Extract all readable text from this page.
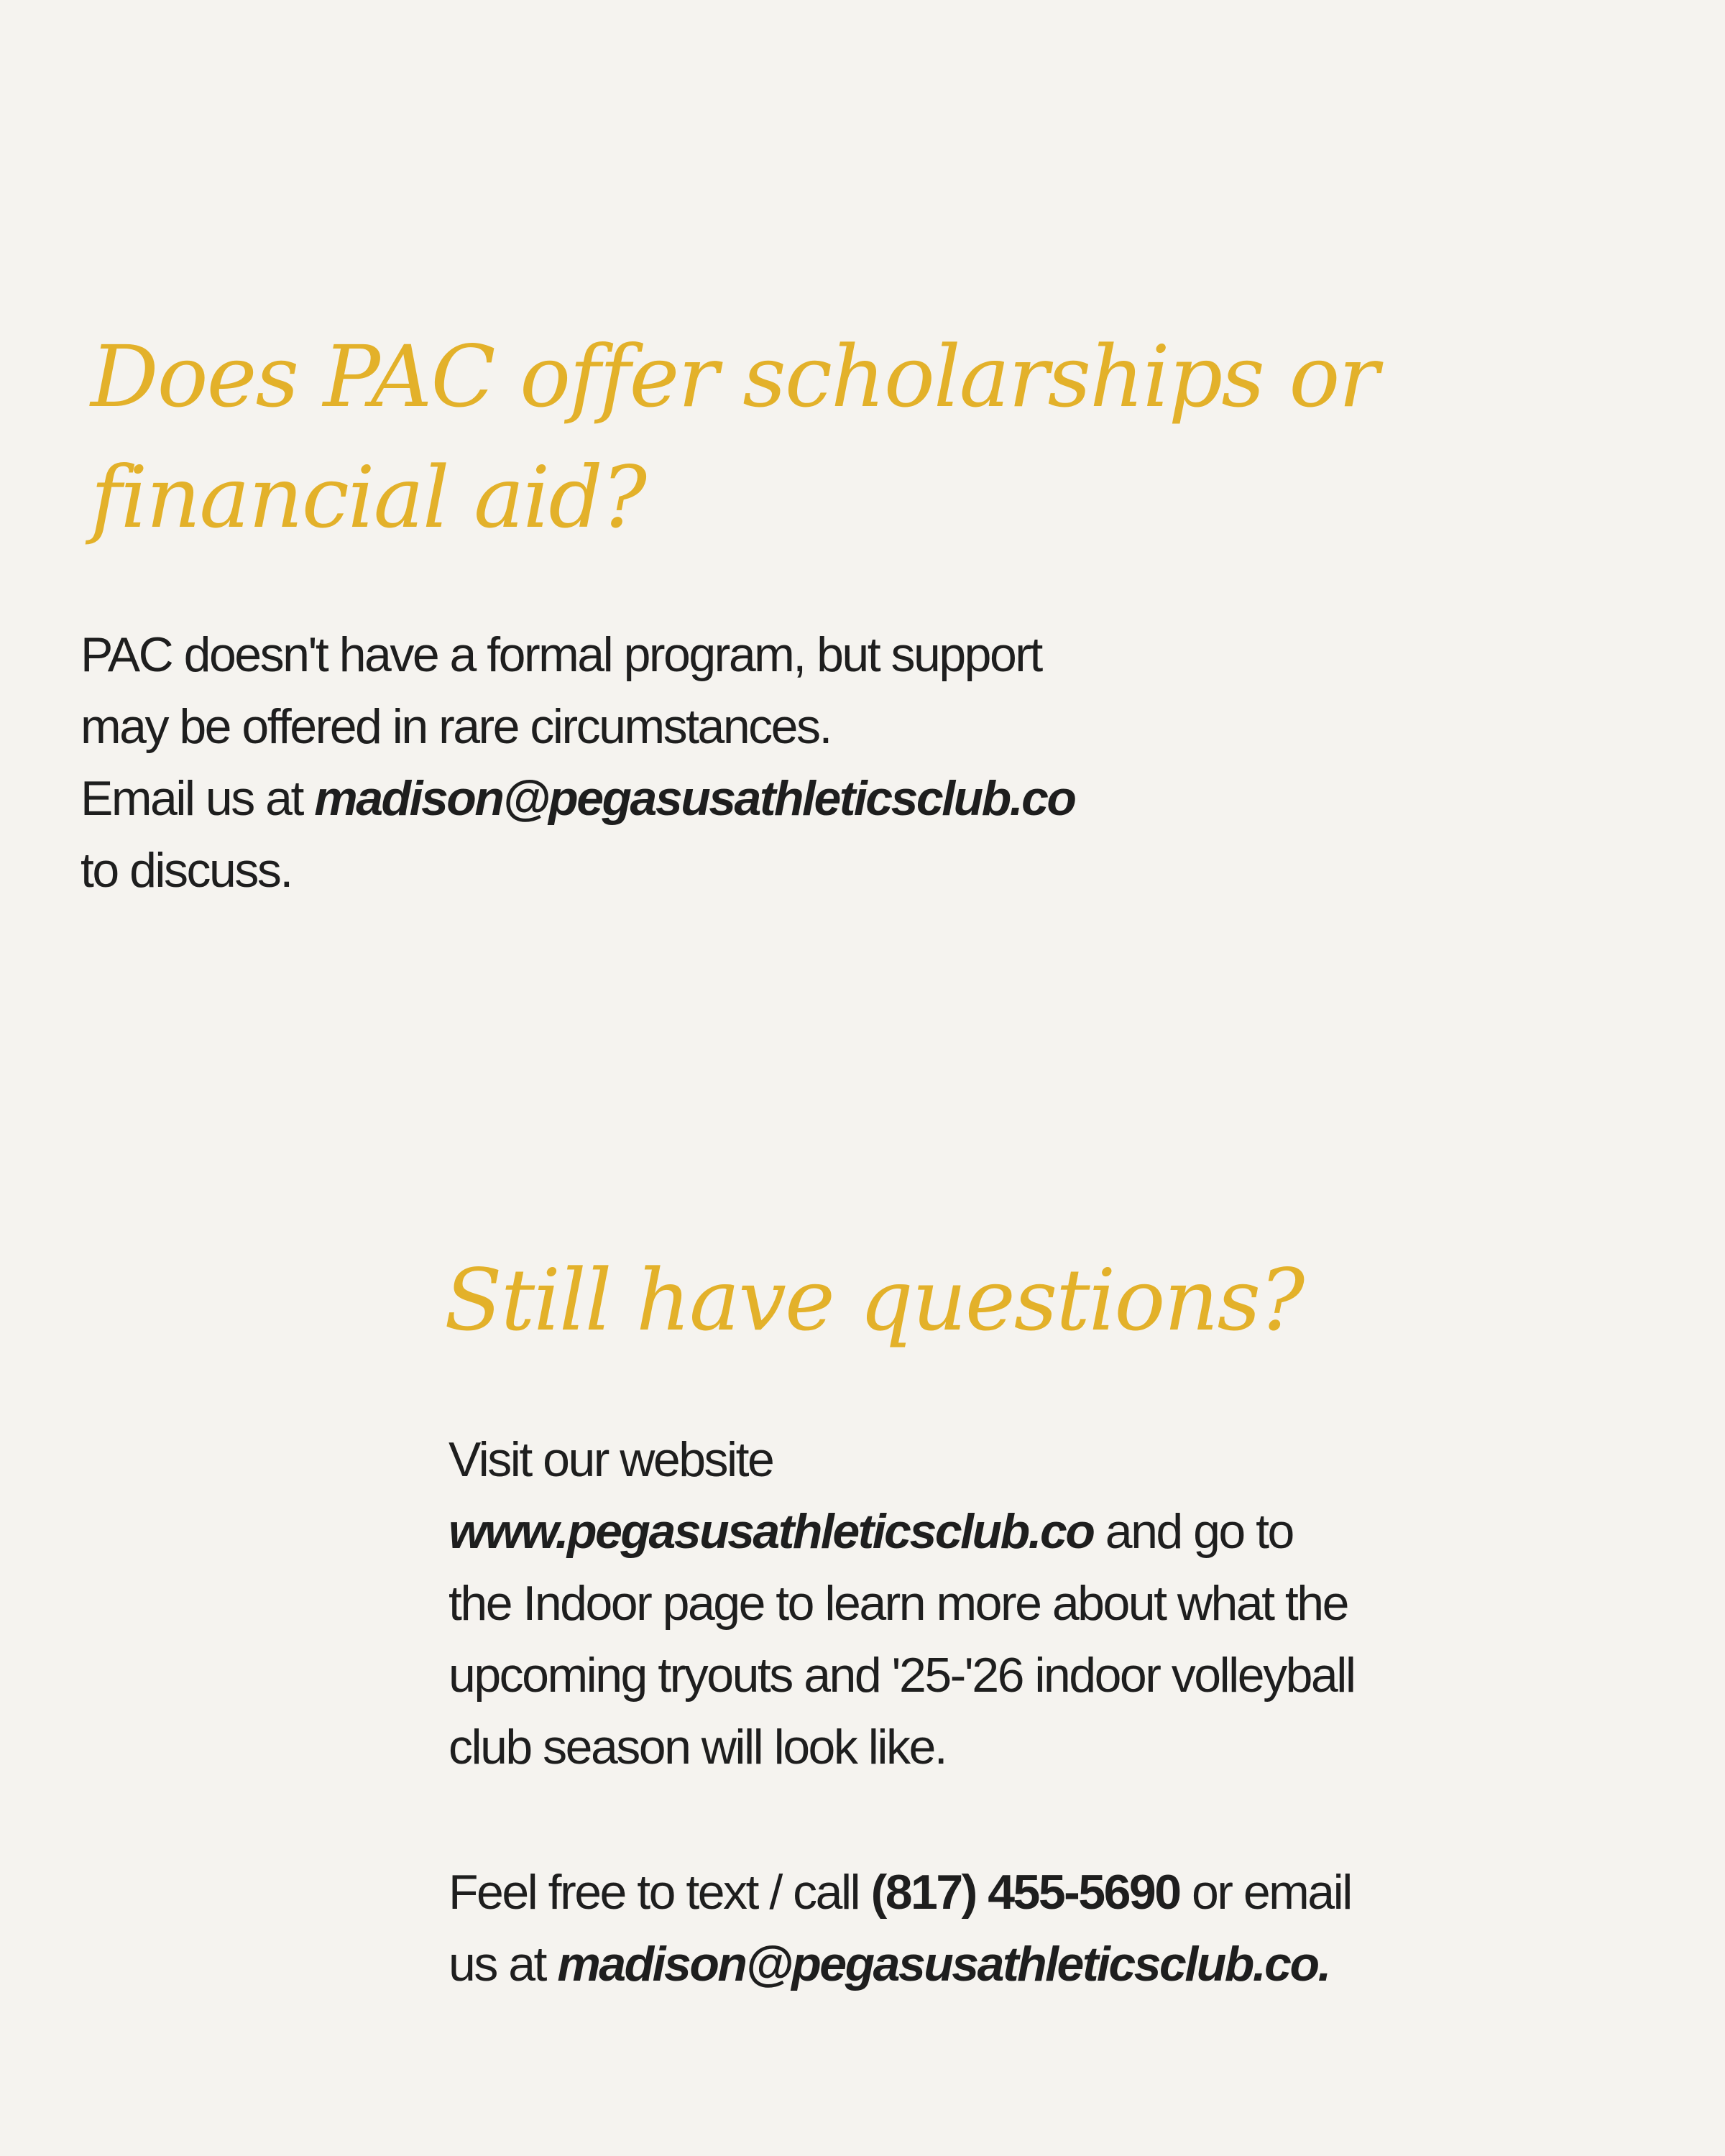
Does PAC offer scholarships or
financial aid?

PAC doesn't have a formal program, but support
may be offered in rare circumstances.
Email us at madison@pegasusathleticsclub.co
to discuss.

Still have questions?

Visit our website
www.pegasusathleticsclub.co and go to
the Indoor page to learn more about what the
upcoming tryouts and '25-'26 indoor volleyball
club season will look like.

Feel free to text / call (817) 455-5690 or email
us at madison@pegasusathleticsclub.co.
